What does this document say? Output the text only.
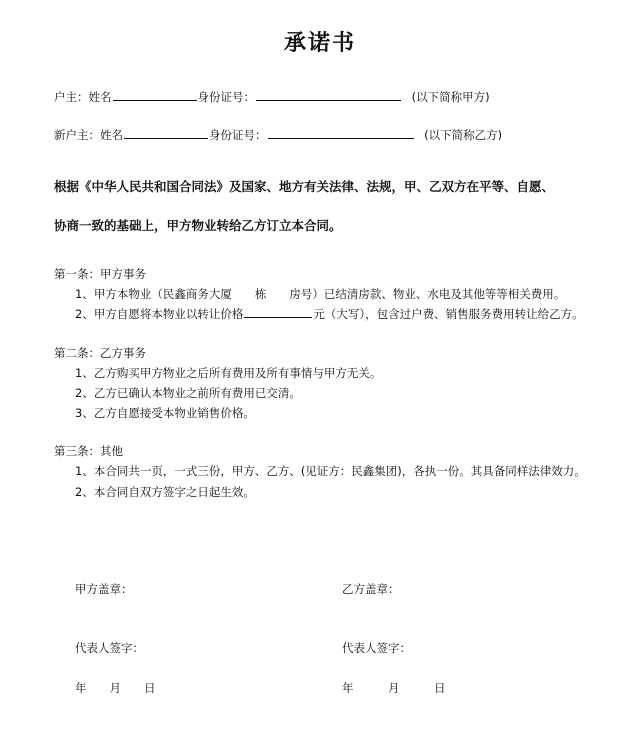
承诺书
户主：姓名	身份证号：	(以下简称甲方)
新户主：姓名	身份证号：	(以下简称乙方)
根据《中华人民共和国合同法》及国家、地方有关法律、法规，甲、乙双方在平等、自愿、
协商一致的基础上，甲方物业转给乙方订立本合同。
第一条：甲方事务
1、甲方本物业（民鑫商务大厦　　栋　　房号）已结清房款、物业、水电及其他等等相关费用。
2、甲方自愿将本物业以转让价格	元（大写），包含过户费、销售服务费用转让给乙方。
第二条：乙方事务
1、乙方购买甲方物业之后所有费用及所有事情与甲方无关。
2、乙方已确认本物业之前所有费用已交清。
3、乙方自愿接受本物业销售价格。
第三条：其他
1、本合同共一页，一式三份，甲方、乙方、(见证方：民鑫集团)，各执一份。其具备同样法律效力。
2、本合同自双方签字之日起生效。
甲方盖章：	乙方盖章：
代表人签字：	代表人签字：
年　　月　　日	年　　　月　　　日
